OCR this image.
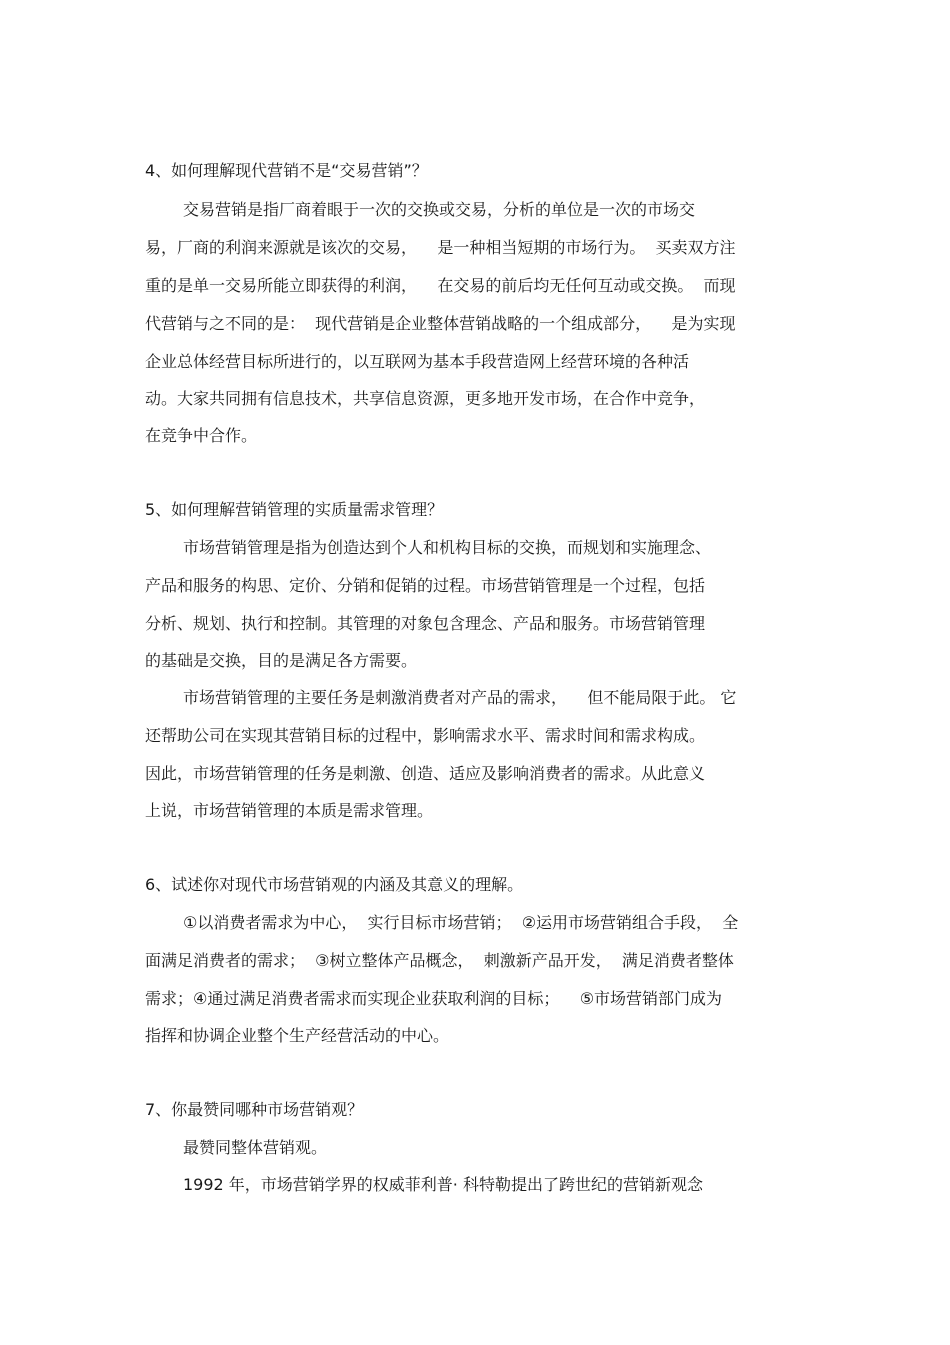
4、如何理解现代营销不是“交易营销”？
交易营销是指厂商着眼于一次的交换或交易，分析的单位是一次的市场交
易，厂商的利润来源就是该次的交易，    是一种相当短期的市场行为。  买卖双方注
重的是单一交易所能立即获得的利润，    在交易的前后均无任何互动或交换。  而现
代营销与之不同的是：  现代营销是企业整体营销战略的一个组成部分，    是为实现
企业总体经营目标所进行的，以互联网为基本手段营造网上经营环境的各种活
动。大家共同拥有信息技术，共享信息资源，更多地开发市场，在合作中竞争，
在竞争中合作。
5、如何理解营销管理的实质量需求管理？
市场营销管理是指为创造达到个人和机构目标的交换，而规划和实施理念、
产品和服务的构思、定价、分销和促销的过程。市场营销管理是一个过程，包括
分析、规划、执行和控制。其管理的对象包含理念、产品和服务。市场营销管理
的基础是交换，目的是满足各方需要。
市场营销管理的主要任务是刺激消费者对产品的需求，    但不能局限于此。 它
还帮助公司在实现其营销目标的过程中，影响需求水平、需求时间和需求构成。
因此，市场营销管理的任务是刺激、创造、适应及影响消费者的需求。从此意义
上说，市场营销管理的本质是需求管理。
6、试述你对现代市场营销观的内涵及其意义的理解。
①以消费者需求为中心，  实行目标市场营销；  ②运用市场营销组合手段，  全
面满足消费者的需求；  ③树立整体产品概念，  刺激新产品开发，  满足消费者整体
需求；④通过满足消费者需求而实现企业获取利润的目标；    ⑤市场营销部门成为
指挥和协调企业整个生产经营活动的中心。
7、你最赞同哪种市场营销观？
最赞同整体营销观。
1992 年，市场营销学界的权威菲利普· 科特勒提出了跨世纪的营销新观念
